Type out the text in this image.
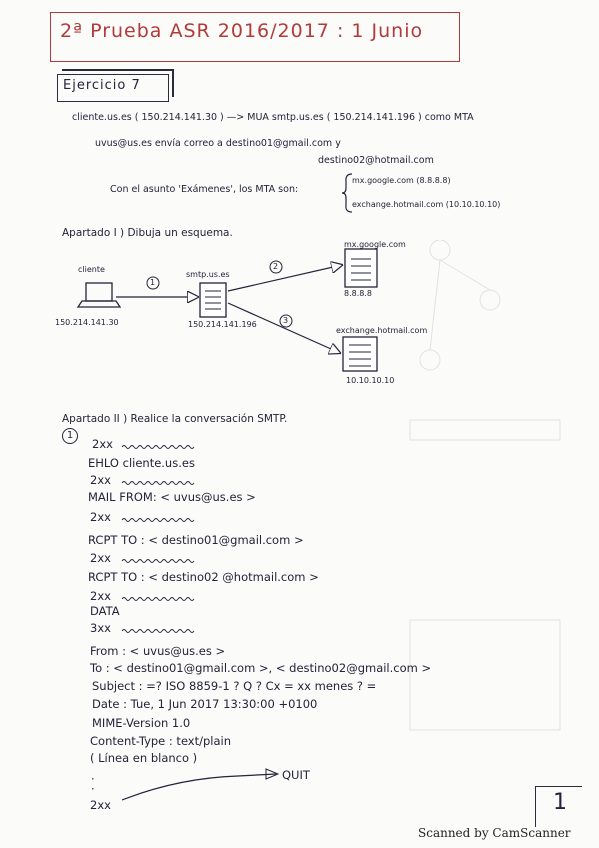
2ª Prueba ASR 2016/2017 : 1 Junio
Ejercicio 7
cliente.us.es ( 150.214.141.30 ) —> MUA smtp.us.es ( 150.214.141.196 ) como MTA
uvus@us.es envía correo a destino01@gmail.com y
destino02@hotmail.com
Con el asunto 'Exámenes', los MTA son:
mx.google.com (8.8.8.8)
exchange.hotmail.com (10.10.10.10)
Apartado I ) Dibuja un esquema.
1
2
3
cliente
150.214.141.30
smtp.us.es
150.214.141.196
mx.google.com
8.8.8.8
exchange.hotmail.com
10.10.10.10
Apartado II ) Realice la conversación SMTP.
1
2xx
EHLO cliente.us.es
2xx
MAIL FROM: < uvus@us.es >
2xx
RCPT TO : < destino01@gmail.com >
2xx
RCPT TO : < destino02 @hotmail.com >
2xx
DATA
3xx
From : < uvus@us.es >
To : < destino01@gmail.com >, < destino02@gmail.com >
Subject : =? ISO 8859-1 ? Q ? Cx = xx menes ? =
Date : Tue, 1 Jun 2017 13:30:00 +0100
MIME-Version 1.0
Content-Type : text/plain
( Línea en blanco )
2xx
QUIT
·
·
1
Scanned by CamScanner
